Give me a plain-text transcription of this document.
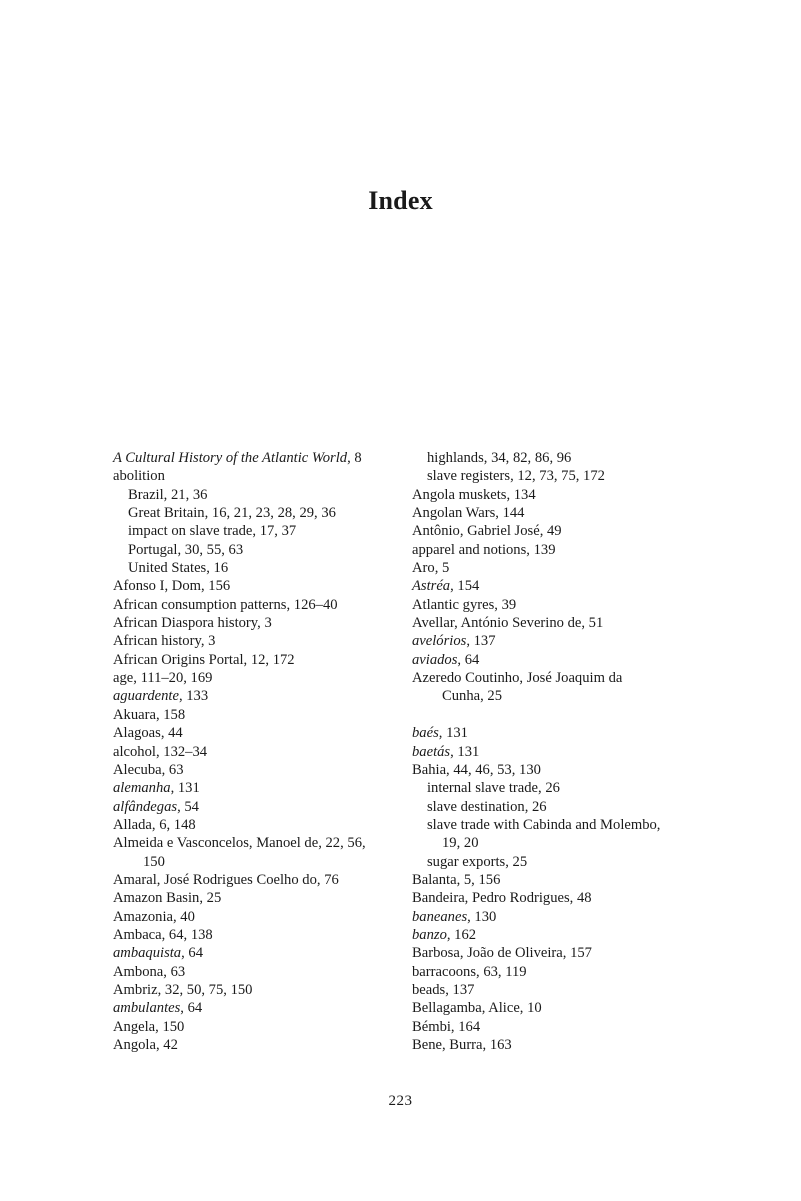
Index
A Cultural History of the Atlantic World, 8
abolition
Brazil, 21, 36
Great Britain, 16, 21, 23, 28, 29, 36
impact on slave trade, 17, 37
Portugal, 30, 55, 63
United States, 16
Afonso I, Dom, 156
African consumption patterns, 126–40
African Diaspora history, 3
African history, 3
African Origins Portal, 12, 172
age, 111–20, 169
aguardente, 133
Akuara, 158
Alagoas, 44
alcohol, 132–34
Alecuba, 63
alemanha, 131
alfândegas, 54
Allada, 6, 148
Almeida e Vasconcelos, Manoel de, 22, 56,
150
Amaral, José Rodrigues Coelho do, 76
Amazon Basin, 25
Amazonia, 40
Ambaca, 64, 138
ambaquista, 64
Ambona, 63
Ambriz, 32, 50, 75, 150
ambulantes, 64
Angela, 150
Angola, 42
highlands, 34, 82, 86, 96
slave registers, 12, 73, 75, 172
Angola muskets, 134
Angolan Wars, 144
Antônio, Gabriel José, 49
apparel and notions, 139
Aro, 5
Astréa, 154
Atlantic gyres, 39
Avellar, António Severino de, 51
avelórios, 137
aviados, 64
Azeredo Coutinho, José Joaquim da
Cunha, 25
baés, 131
baetás, 131
Bahia, 44, 46, 53, 130
internal slave trade, 26
slave destination, 26
slave trade with Cabinda and Molembo,
19, 20
sugar exports, 25
Balanta, 5, 156
Bandeira, Pedro Rodrigues, 48
baneanes, 130
banzo, 162
Barbosa, João de Oliveira, 157
barracoons, 63, 119
beads, 137
Bellagamba, Alice, 10
Bémbi, 164
Bene, Burra, 163
223
